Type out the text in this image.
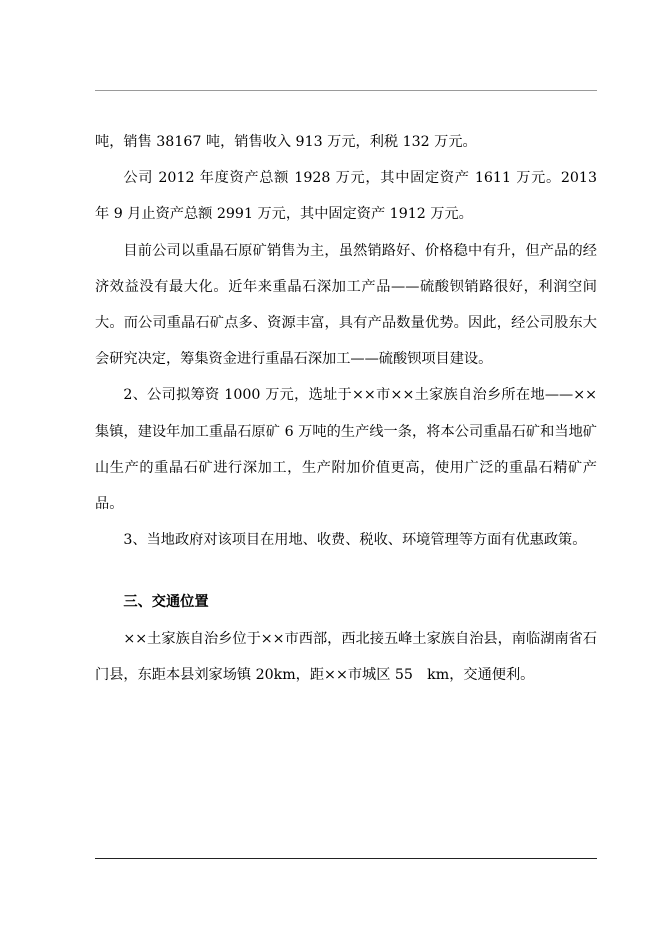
吨，销售 38167 吨，销售收入 913 万元，利税 132 万元。

公司 2012 年度资产总额 1928 万元，其中固定资产 1611 万元。2013 年 9 月止资产总额 2991 万元，其中固定资产 1912 万元。

目前公司以重晶石原矿销售为主，虽然销路好、价格稳中有升，但产品的经济效益没有最大化。近年来重晶石深加工产品——硫酸钡销路很好，利润空间大。而公司重晶石矿点多、资源丰富，具有产品数量优势。因此，经公司股东大会研究决定，筹集资金进行重晶石深加工——硫酸钡项目建设。

2、公司拟筹资 1000 万元，选址于××市××土家族自治乡所在地——××集镇，建设年加工重晶石原矿 6 万吨的生产线一条，将本公司重晶石矿和当地矿山生产的重晶石矿进行深加工，生产附加价值更高，使用广泛的重晶石精矿产品。

3、当地政府对该项目在用地、收费、税收、环境管理等方面有优惠政策。

三、交通位置

××土家族自治乡位于××市西部，西北接五峰土家族自治县，南临湖南省石门县，东距本县刘家场镇 20km，距××市城区 55　km，交通便利。
